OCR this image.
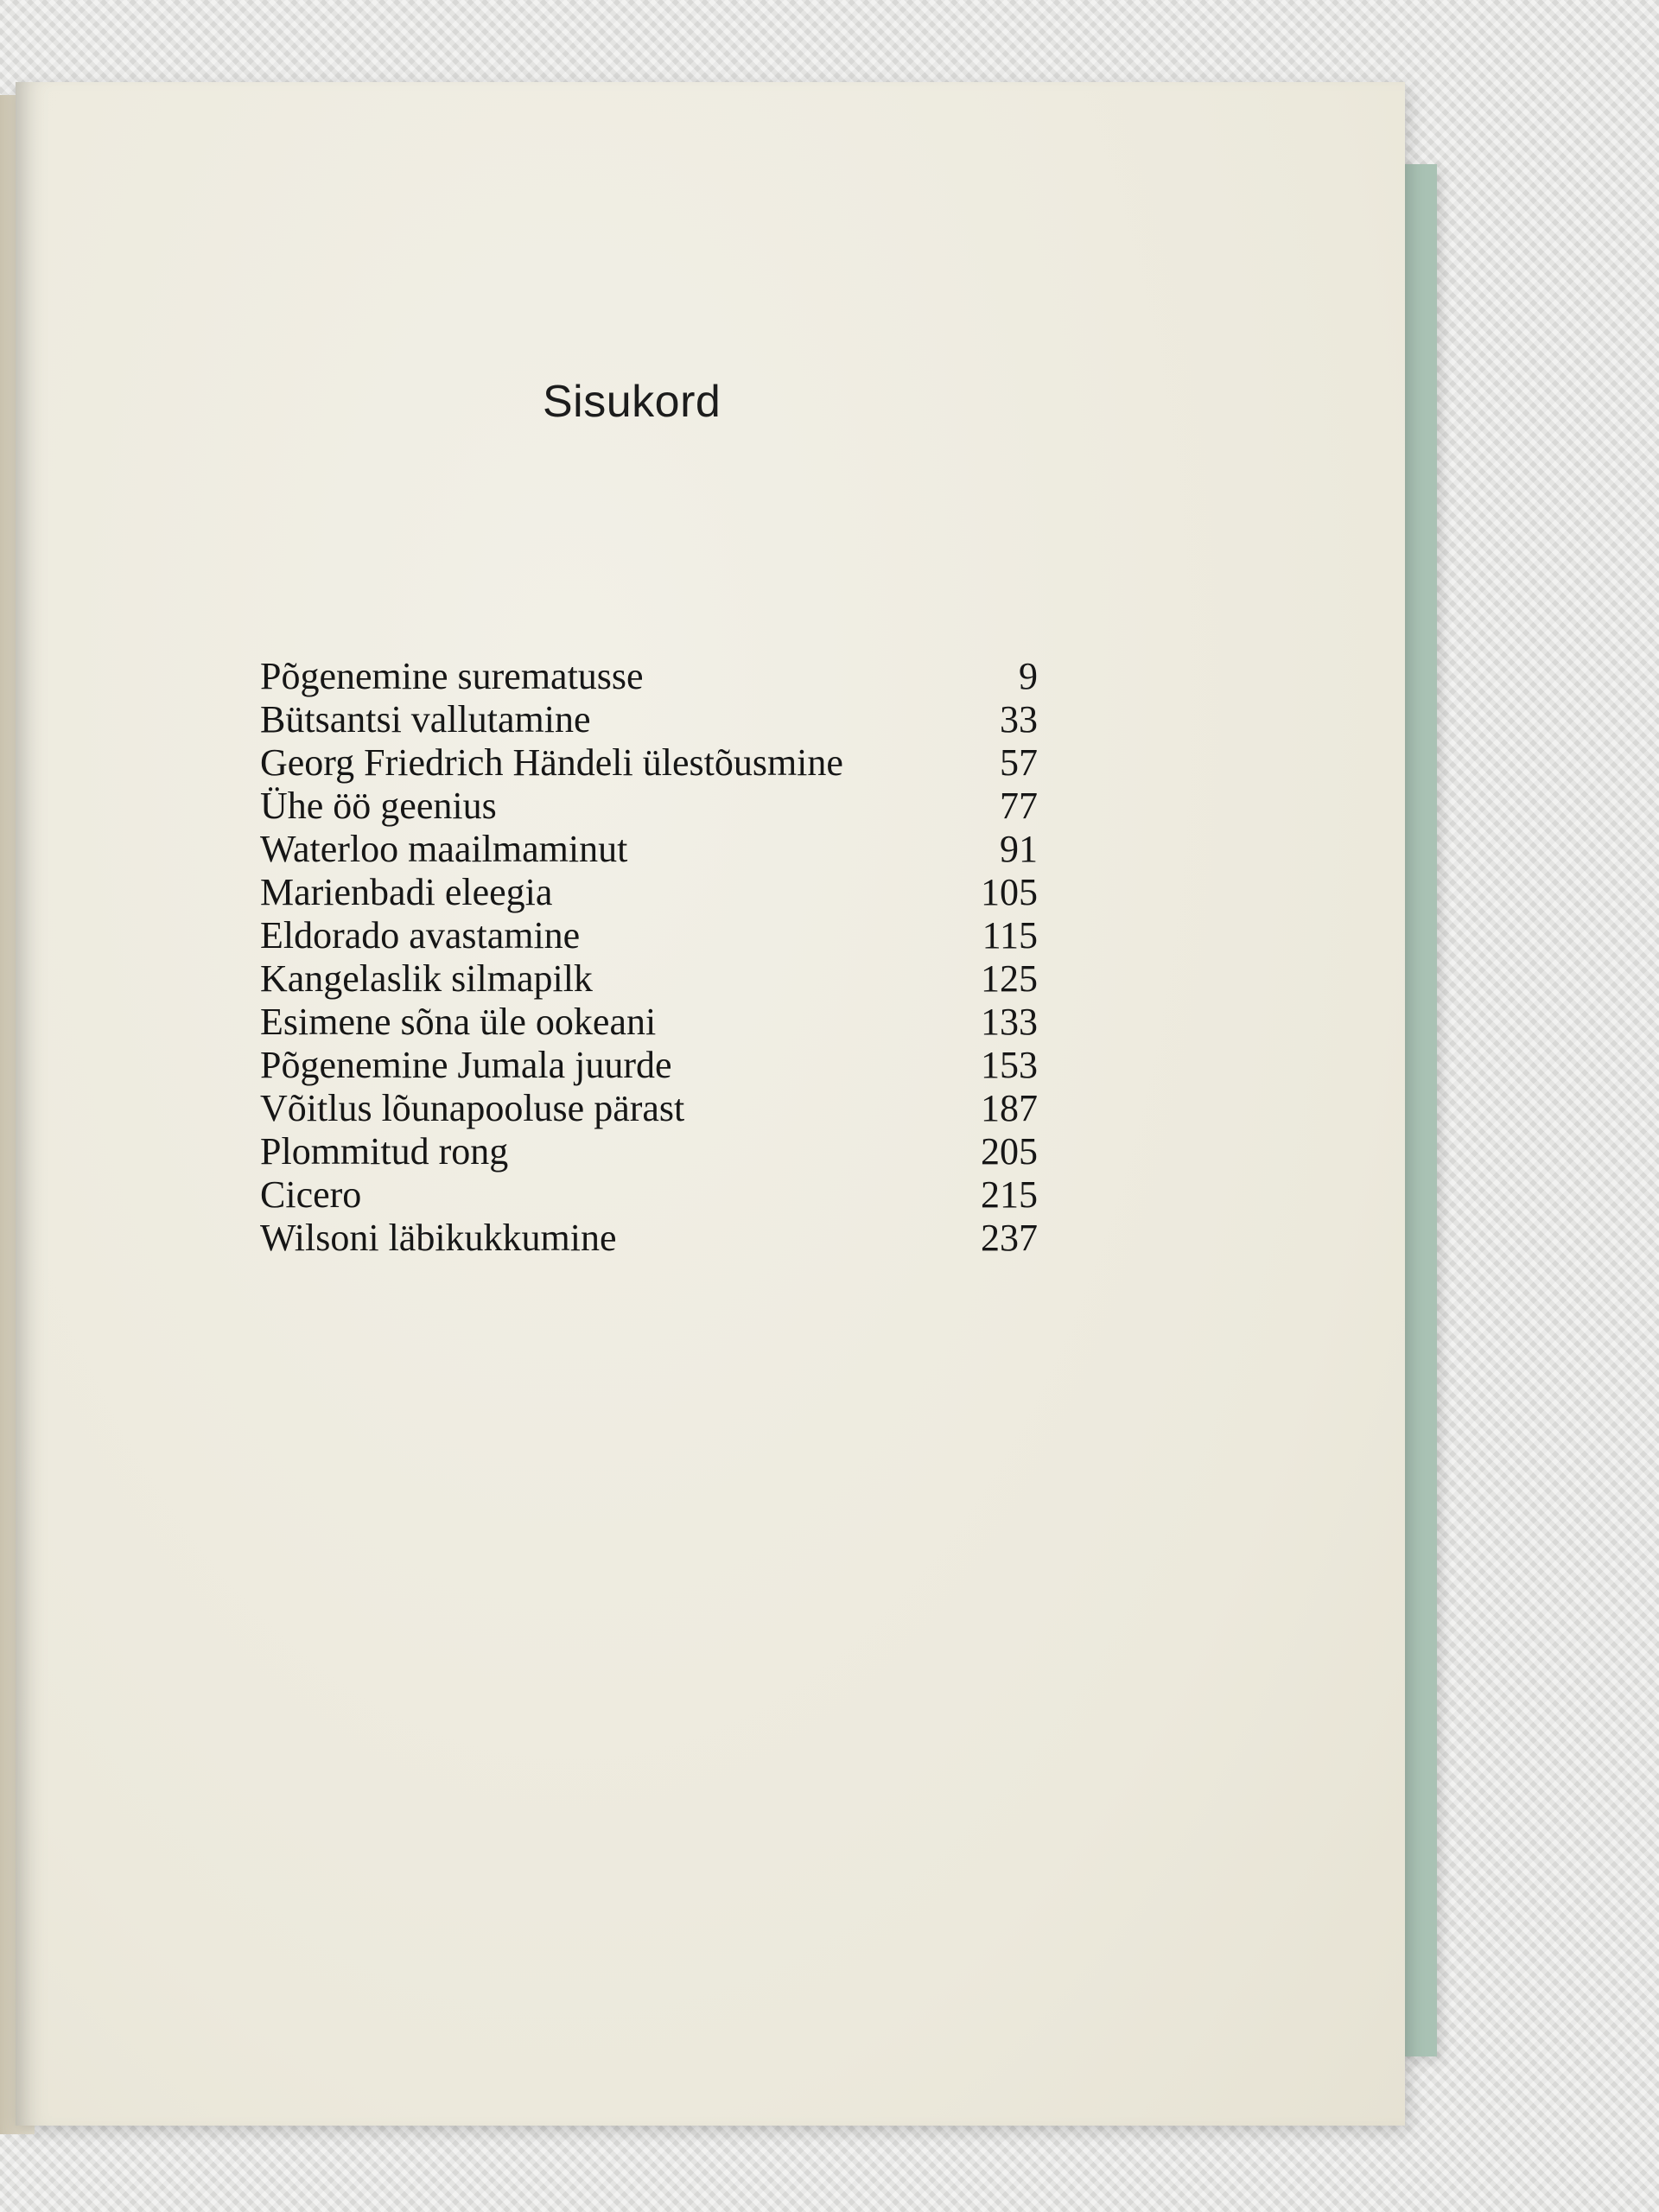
Sisukord
Põgenemine surematusse	9
Bütsantsi vallutamine	33
Georg Friedrich Händeli ülestõusmine	57
Ühe öö geenius	77
Waterloo maailmaminut	91
Marienbadi eleegia	105
Eldorado avastamine	115
Kangelaslik silmapilk	125
Esimene sõna üle ookeani	133
Põgenemine Jumala juurde	153
Võitlus lõunapooluse pärast	187
Plommitud rong	205
Cicero	215
Wilsoni läbikukkumine	237
